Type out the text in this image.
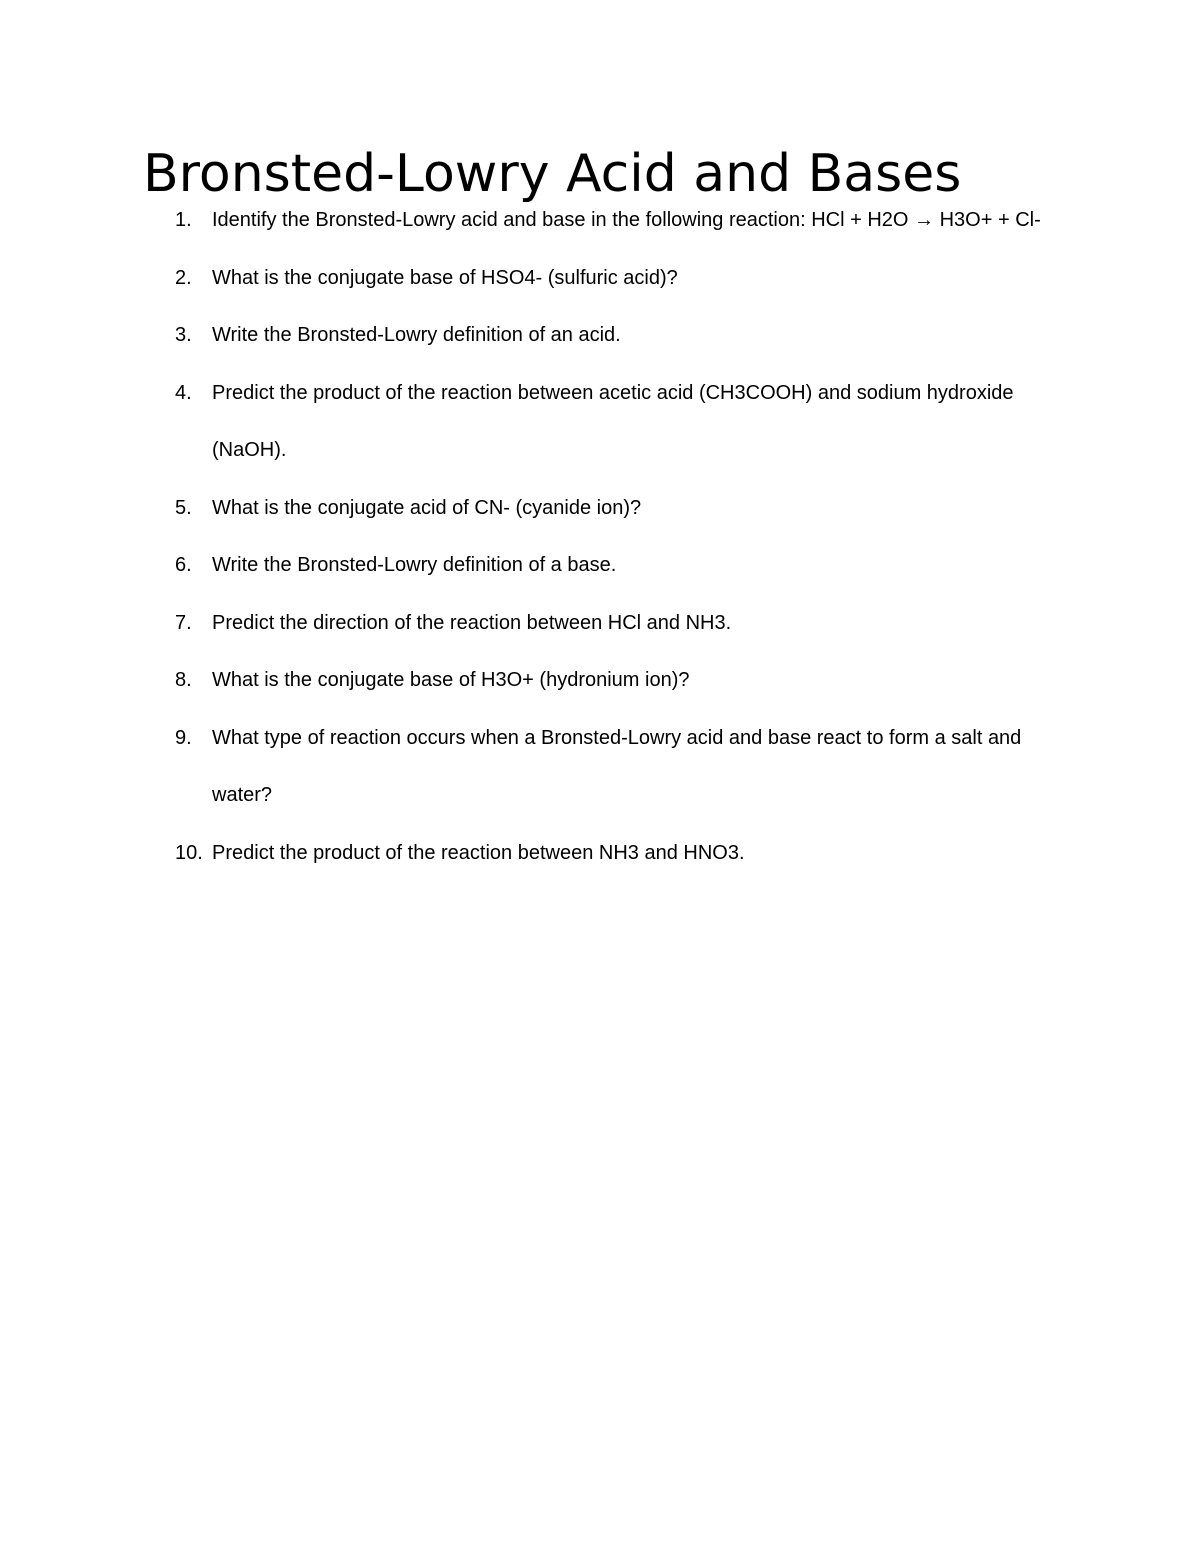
Bronsted-Lowry Acid and Bases
1.	Identify the Bronsted-Lowry acid and base in the following reaction: HCl + H2O → H3O+ + Cl-
2.	What is the conjugate base of HSO4- (sulfuric acid)?
3.	Write the Bronsted-Lowry definition of an acid.
4.	Predict the product of the reaction between acetic acid (CH3COOH) and sodium hydroxide (NaOH).
5.	What is the conjugate acid of CN- (cyanide ion)?
6.	Write the Bronsted-Lowry definition of a base.
7.	Predict the direction of the reaction between HCl and NH3.
8.	What is the conjugate base of H3O+ (hydronium ion)?
9.	What type of reaction occurs when a Bronsted-Lowry acid and base react to form a salt and water?
10. Predict the product of the reaction between NH3 and HNO3.
